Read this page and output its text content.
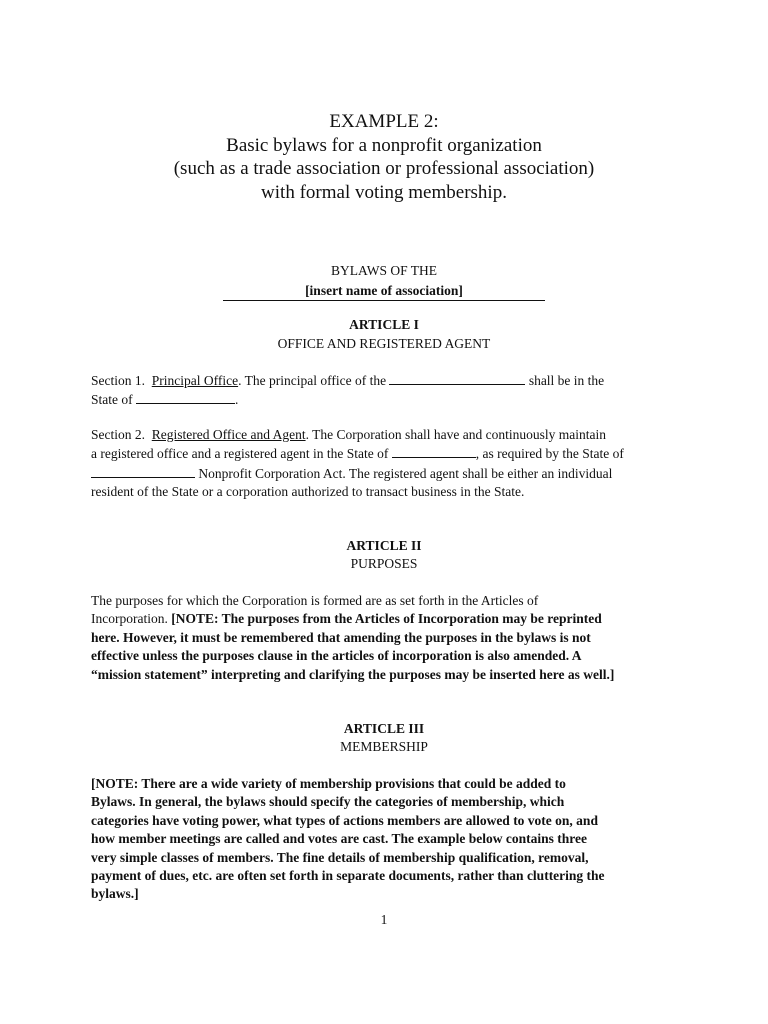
EXAMPLE 2:
Basic bylaws for a nonprofit organization
(such as a trade association or professional association)
with formal voting membership.
BYLAWS OF THE
[insert name of association]
ARTICLE I
OFFICE AND REGISTERED AGENT
Section 1. Principal Office. The principal office of the	shall be in the
State of	.
Section 2. Registered Office and Agent. The Corporation shall have and continuously maintain
a registered office and a registered agent in the State of	, as required by the State of
Nonprofit Corporation Act. The registered agent shall be either an individual
resident of the State or a corporation authorized to transact business in the State.
ARTICLE II
PURPOSES
The purposes for which the Corporation is formed are as set forth in the Articles of
Incorporation. [NOTE: The purposes from the Articles of Incorporation may be reprinted
here. However, it must be remembered that amending the purposes in the bylaws is not
effective unless the purposes clause in the articles of incorporation is also amended. A
“mission statement” interpreting and clarifying the purposes may be inserted here as well.]
ARTICLE III
MEMBERSHIP
[NOTE: There are a wide variety of membership provisions that could be added to
Bylaws. In general, the bylaws should specify the categories of membership, which
categories have voting power, what types of actions members are allowed to vote on, and
how member meetings are called and votes are cast. The example below contains three
very simple classes of members. The fine details of membership qualification, removal,
payment of dues, etc. are often set forth in separate documents, rather than cluttering the
bylaws.]
1
